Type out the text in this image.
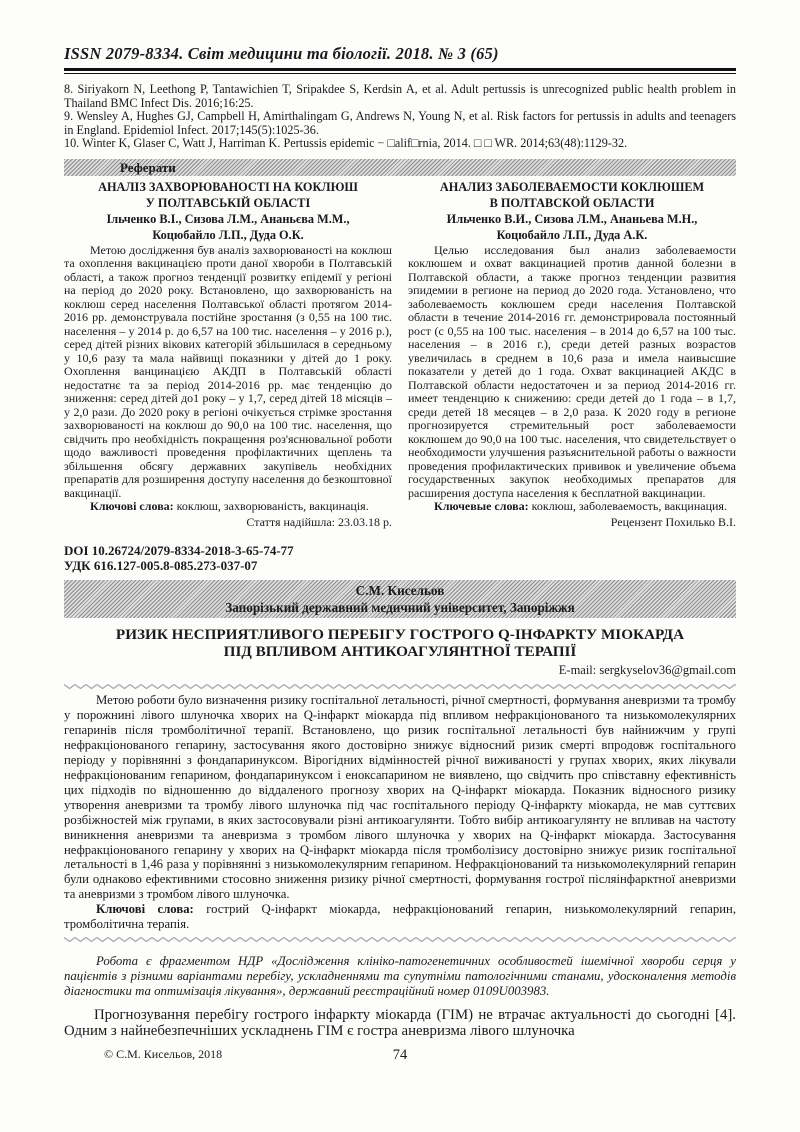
ISSN 2079-8334. Світ медицини та біології. 2018. № 3 (65)

8. Siriyakorn N, Leethong P, Tantawichien T, Sripakdee S, Kerdsin A, et al. Adult pertussis is unrecognized public health problem in Thailand BMC Infect Dis. 2016;16:25.

9. Wensley A, Hughes GJ, Campbell H, Amirthalingam G, Andrews N, Young N, et al. Risk factors for pertussis in adults and teenagers in England. Epidemiol Infect. 2017;145(5):1025-36.

10. Winter K, Glaser C, Watt J, Harriman K. Pertussis epidemic − □alif□rnia, 2014. □ □ WR. 2014;63(48):1129-32.

Реферати
АНАЛІЗ ЗАХВОРЮВАНОСТІ НА КОКЛЮШ
У ПОЛТАВСЬКІЙ ОБЛАСТІ
Ільченко В.І., Сизова Л.М., Ананьєва М.М.,
Коцюбайло Л.П., Дуда О.К.

Метою дослідження був аналіз захворюваності на коклюш та охоплення вакцинацією проти даної хвороби в Полтавській області, а також прогноз тенденції розвитку епідемії у регіоні на період до 2020 року. Встановлено, що захворюваність на коклюш серед населення Полтавської області протягом 2014-2016 рр. демонструвала постійне зростання (з 0,55 на 100 тис. населення – у 2014 р. до 6,57 на 100 тис. населення – у 2016 р.), серед дітей різних вікових категорій збільшилася в середньому у 10,6 разу та мала найвищі показники у дітей до 1 року. Охоплення ванцинацією АКДП в Полтавській області недостатнє та за період 2014-2016 рр. має тенденцію до зниження: серед дітей до1 року – у 1,7, серед дітей 18 місяців – у 2,0 рази. До 2020 року в регіоні очікується стрімке зростання захворюваності на коклюш до 90,0 на 100 тис. населення, що свідчить про необхідність покращення роз'яснювальної роботи щодо важливості проведення профілактичних щеплень та збільшення обсягу державних закупівель необхідних препаратів для розширення доступу населення до безкоштовної вакцинації.

Ключові слова: коклюш, захворюваність, вакцинація.

Стаття надійшла: 23.03.18 р.

АНАЛИЗ ЗАБОЛЕВАЕМОСТИ КОКЛЮШЕМ
В ПОЛТАВСКОЙ ОБЛАСТИ
Ильченко В.И., Сизова Л.М., Ананьева М.Н.,
Коцюбайло Л.П., Дуда А.К.

Целью исследования был анализ заболеваемости коклюшем и охват вакцинацией против данной болезни в Полтавской области, а также прогноз тенденции развития эпидемии в регионе на период до 2020 года. Установлено, что заболеваемость коклюшем среди населения Полтавской области в течение 2014-2016 гг. демонстрировала постоянный рост (с 0,55 на 100 тыс. населения – в 2014 до 6,57 на 100 тыс. населения – в 2016 г.), среди детей разных возрастов увеличилась в среднем в 10,6 раза и имела наивысшие показатели у детей до 1 года. Охват вакцинацией АКДС в Полтавской области недостаточен и за период 2014-2016 гг. имеет тенденцию к снижению: среди детей до 1 года – в 1,7, среди детей 18 месяцев – в 2,0 раза. К 2020 году в регионе прогнозируется стремительный рост заболеваемости коклюшем до 90,0 на 100 тыс. населения, что свидетельствует о необходимости улучшения разъяснительной работы о важности проведения профилактических прививок и увеличение объема государственных закупок необходимых препаратов для расширения доступа населения к бесплатной вакцинации.

Ключевые слова: коклюш, заболеваемость, вакцинация.

Рецензент Похилько В.І.

DOI 10.26724/2079-8334-2018-3-65-74-77
УДК 616.127-005.8-085.273-037-07
С.М. Кисельов
Запорізький державний медичний університет, Запоріжжя
РИЗИК НЕСПРИЯТЛИВОГО ПЕРЕБІГУ ГОСТРОГО Q-ІНФАРКТУ МІОКАРДА
ПІД ВПЛИВОМ АНТИКОАГУЛЯНТНОЇ ТЕРАПІЇ
E-mail: sergkyselov36@gmail.com

Метою роботи було визначення ризику госпітальної летальності, річної смертності, формування аневризми та тромбу у порожнині лівого шлуночка хворих на Q-інфаркт міокарда під впливом нефракціонованого та низькомолекулярних гепаринів після тромболітичної терапії. Встановлено, що ризик госпітальної летальності був найнижчим у групі нефракціонованого гепарину, застосування якого достовірно знижує відносний ризик смерті впродовж госпітального періоду у порівнянні з фондапаринуксом. Вірогідних відмінностей річної виживаності у групах хворих, яких лікували нефракціонованим гепарином, фондапаринуксом і еноксапарином не виявлено, що свідчить про співставну ефективність цих підходів по відношенню до віддаленого прогнозу хворих на Q-інфаркт міокарда. Показник відносного ризику утворення аневризми та тромбу лівого шлуночка під час госпітального періоду Q-інфаркту міокарда, не мав суттєвих розбіжностей між групами, в яких застосовували різні антикоагулянти. Тобто вибір антикоагулянту не впливав на частоту виникнення аневризми та аневризма з тромбом лівого шлуночка у хворих на Q-інфаркт міокарда. Застосування нефракціонованого гепарину у хворих на Q-інфаркт міокарда після тромболізису достовірно знижує ризик госпітальної летальності в 1,46 раза у порівнянні з низькомолекулярним гепарином. Нефракціонований та низькомолекулярний гепарин були однаково ефективними стосовно зниження ризику річної смертності, формування гострої післяінфарктної аневризми та аневризми з тромбом лівого шлуночка.

Ключові слова: гострий Q-інфаркт міокарда, нефракціонований гепарин, низькомолекулярний гепарин, тромболітична терапія.

Робота є фрагментом НДР «Дослідження клініко-патогенетичних особливостей ішемічної хвороби серця у пацієнтів з різними варіантами перебігу, ускладненнями та супутніми патологічними станами, удосконалення методів діагностики та оптимізація лікування», державний реєстраційний номер 0109U003983.

Прогнозування перебігу гострого інфаркту міокарда (ГІМ) не втрачає актуальності до сьогодні [4]. Одним з найнебезпечніших ускладнень ГІМ є гостра аневризма лівого шлуночка

© С.М. Кисельов, 2018	74
